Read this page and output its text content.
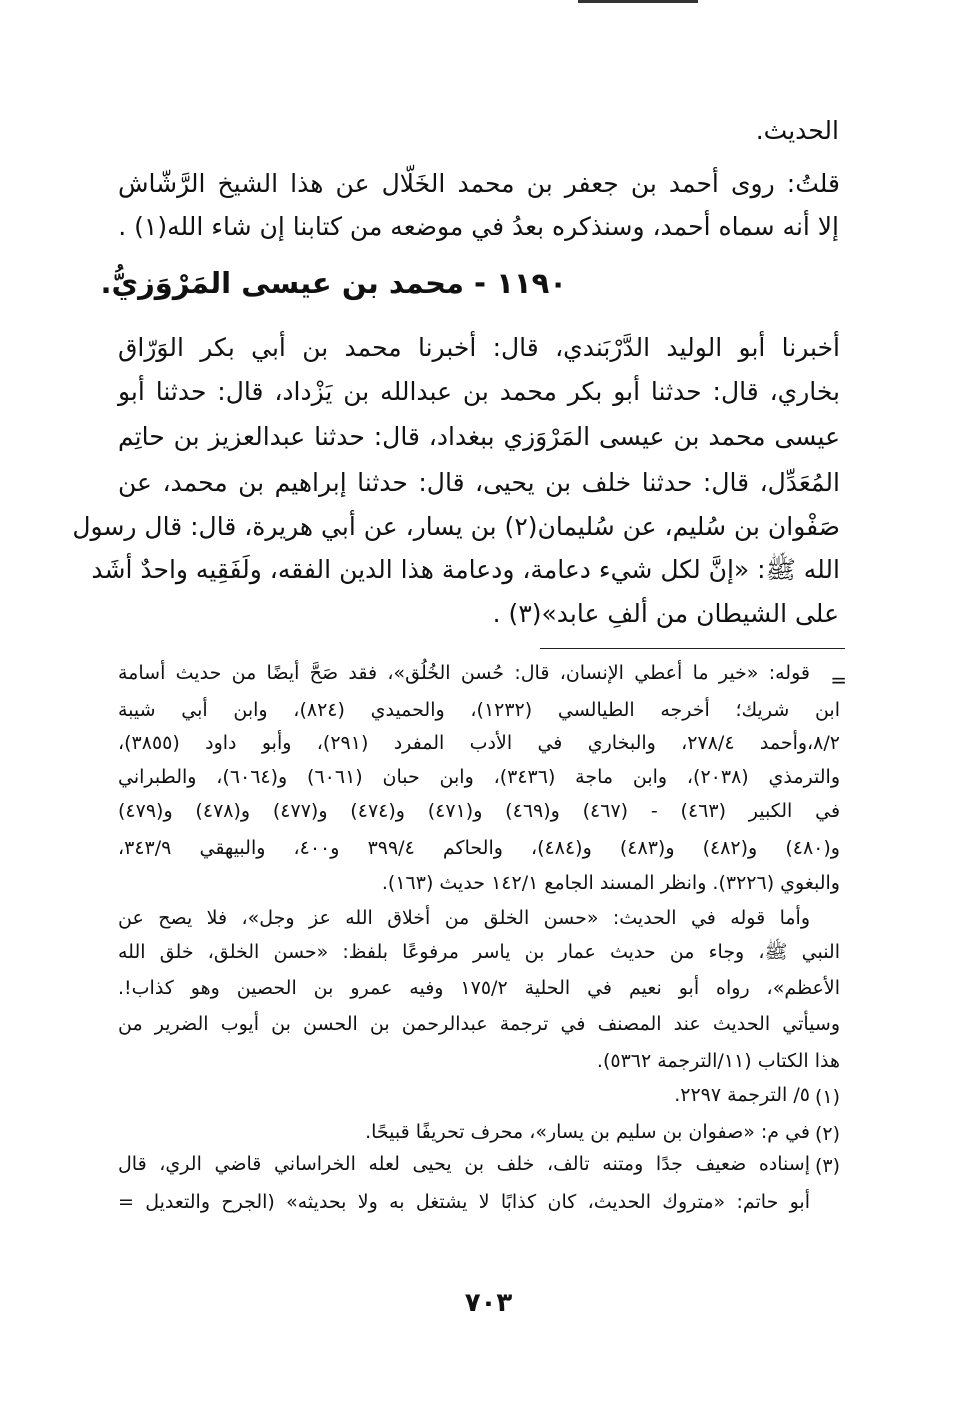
الحديث.
قلتُ: روى أحمد بن جعفر بن محمد الخَلّال عن هذا الشيخ الرَّشّاش
إلا أنه سماه أحمد، وسنذكره بعدُ في موضعه من كتابنا إن شاء الله(١) .
١١٩٠ - محمد بن عيسى المَرْوَزيُّ.
أخبرنا أبو الوليد الدَّرْبَندي، قال: أخبرنا محمد بن أبي بكر الوَرّاق
بخاري، قال: حدثنا أبو بكر محمد بن عبدالله بن يَزْداد، قال: حدثنا أبو
عيسى محمد بن عيسى المَرْوَزي ببغداد، قال: حدثنا عبدالعزيز بن حاتِم
المُعَدِّل، قال: حدثنا خلف بن يحيى، قال: حدثنا إبراهيم بن محمد، عن
صَفْوان بن سُليم، عن سُليمان(٢) بن يسار، عن أبي هريرة، قال: قال رسول
الله ﷺ: «إنَّ لكل شيء دعامة، ودعامة هذا الدين الفقه، ولَفَقِيه واحدٌ أشَد
على الشيطان من ألفِ عابد»(٣) .
=
قوله: «خير ما أعطي الإنسان، قال: حُسن الخُلُق»، فقد صَحَّ أيضًا من حديث أسامة
ابن شريك؛ أخرجه الطيالسي (١٢٣٢)، والحميدي (٨٢٤)، وابن أبي شيبة
٨/٢،وأحمد ٢٧٨/٤، والبخاري في الأدب المفرد (٢٩١)، وأبو داود (٣٨٥٥)،
والترمذي (٢٠٣٨)، وابن ماجة (٣٤٣٦)، وابن حبان (٦٠٦١) و(٦٠٦٤)، والطبراني
في الكبير (٤٦٣) - (٤٦٧) و(٤٦٩) و(٤٧١) و(٤٧٤) و(٤٧٧) و(٤٧٨) و(٤٧٩)
و(٤٨٠) و(٤٨٢) و(٤٨٣) و(٤٨٤)، والحاكم ٣٩٩/٤ و٤٠٠، والبيهقي ٣٤٣/٩،
والبغوي (٣٢٢٦). وانظر المسند الجامع ١٤٢/١ حديث (١٦٣).
وأما قوله في الحديث: «حسن الخلق من أخلاق الله عز وجل»، فلا يصح عن
النبي ﷺ، وجاء من حديث عمار بن ياسر مرفوعًا بلفظ: «حسن الخلق، خلق الله
الأعظم»، رواه أبو نعيم في الحلية ١٧٥/٢ وفيه عمرو بن الحصين وهو كذاب!.
وسيأتي الحديث عند المصنف في ترجمة عبدالرحمن بن الحسن بن أيوب الضرير من
هذا الكتاب (١١/الترجمة ٥٣٦٢).
(١)
٥/ الترجمة ٢٢٩٧.
(٢)
في م: «صفوان بن سليم بن يسار»، محرف تحريفًا قبيحًا.
(٣)
إسناده ضعيف جدًا ومتنه تالف، خلف بن يحيى لعله الخراساني قاضي الري، قال
أبو حاتم: «متروك الحديث، كان كذابًا لا يشتغل به ولا بحديثه» (الجرح والتعديل =
٧٠٣
